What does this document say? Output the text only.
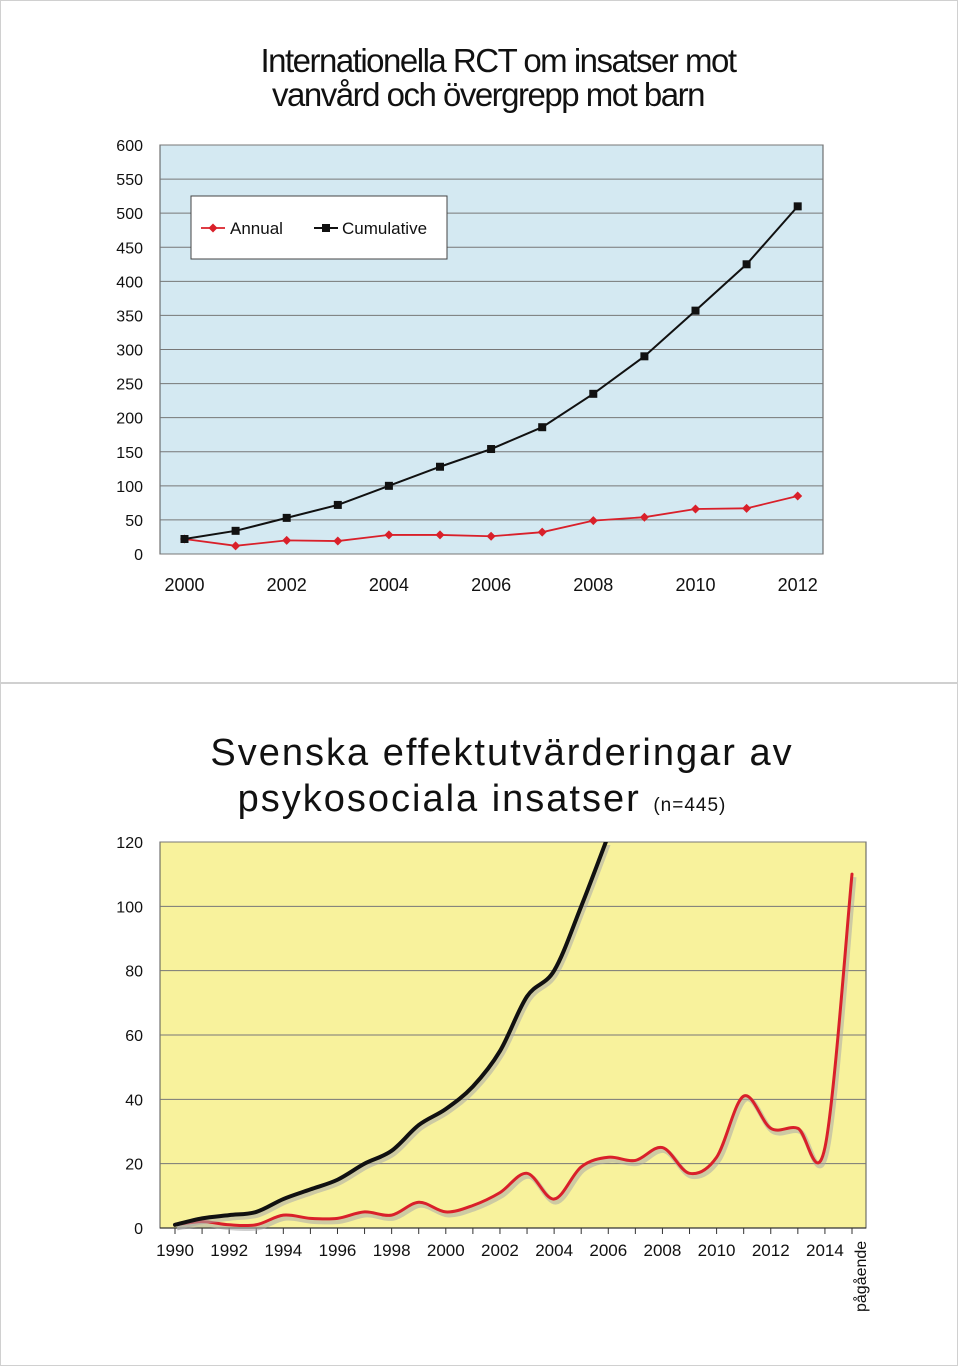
Internationella RCT om insatser mot
vanvård och övergrepp mot barn
Svenska effektutvärderingar av
psykosociala insatser (n=445)
0
50
100
150
200
250
300
350
400
450
500
550
600
2000	2002	2004	2006	2008	2010	2012
Annual	Cumulative
0
20
40
60
80
100
120
1990 1992 1994 1996 1998 2000 2002 2004 2006 2008 2010 2012 2014 pågående
